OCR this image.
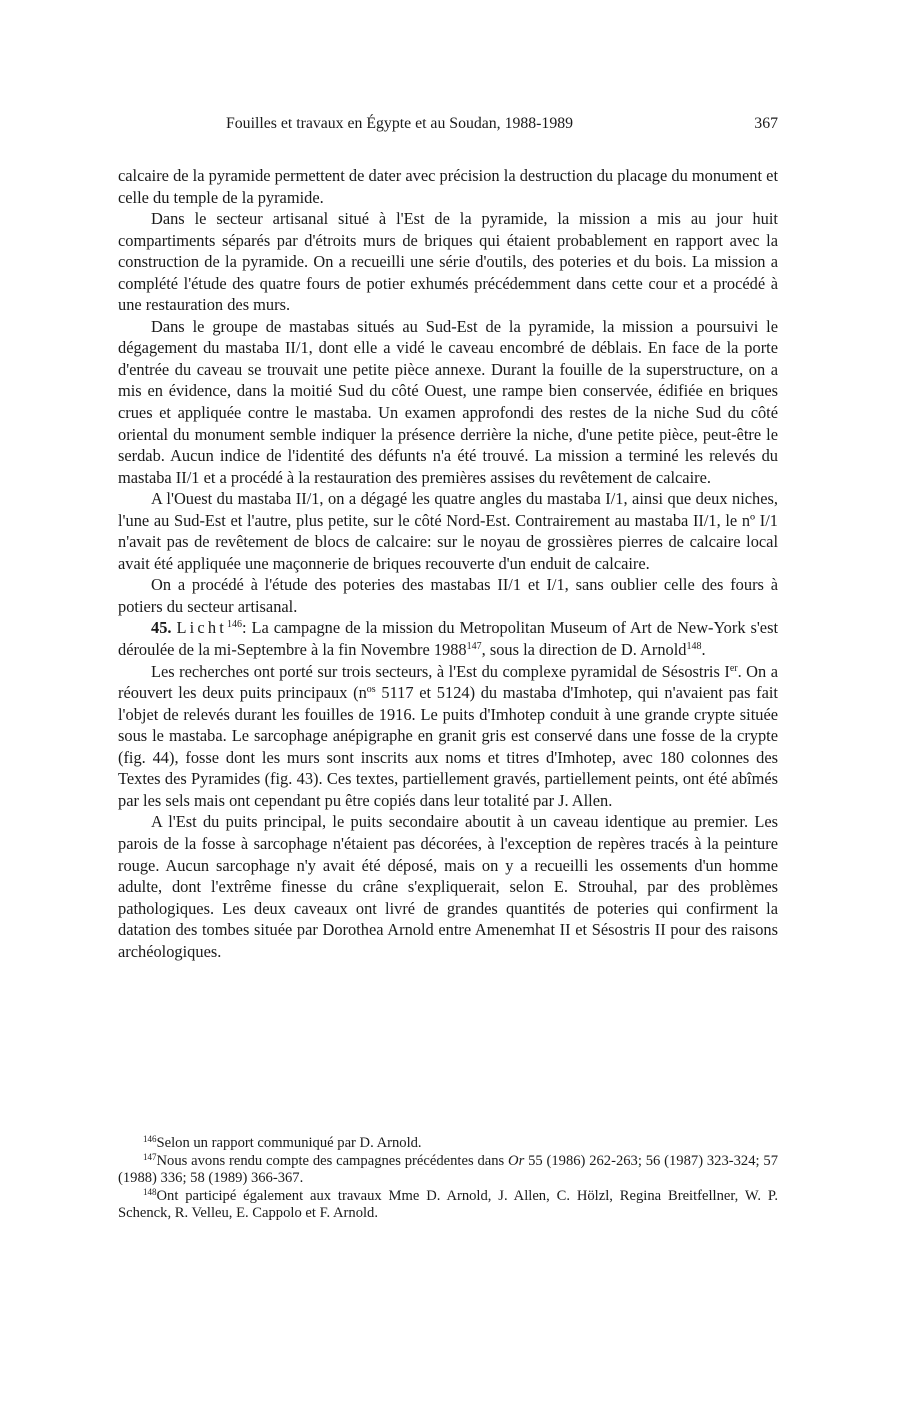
Fouilles et travaux en Égypte et au Soudan, 1988-1989	367

calcaire de la pyramide permettent de dater avec précision la destruction du placage du monument et celle du temple de la pyramide.

Dans le secteur artisanal situé à l'Est de la pyramide, la mission a mis au jour huit compartiments séparés par d'étroits murs de briques qui étaient probablement en rapport avec la construction de la pyramide. On a recueilli une série d'outils, des poteries et du bois. La mission a complété l'étude des quatre fours de potier exhumés précédemment dans cette cour et a procédé à une restauration des murs.

Dans le groupe de mastabas situés au Sud-Est de la pyramide, la mission a poursuivi le dégagement du mastaba II/1, dont elle a vidé le caveau encombré de déblais. En face de la porte d'entrée du caveau se trouvait une petite pièce annexe. Durant la fouille de la superstructure, on a mis en évidence, dans la moitié Sud du côté Ouest, une rampe bien conservée, édifiée en briques crues et appliquée contre le mastaba. Un examen approfondi des restes de la niche Sud du côté oriental du monument semble indiquer la présence derrière la niche, d'une petite pièce, peut-être le serdab. Aucun indice de l'identité des défunts n'a été trouvé. La mission a terminé les relevés du mastaba II/1 et a procédé à la restauration des premières assises du revêtement de calcaire.

A l'Ouest du mastaba II/1, on a dégagé les quatre angles du mastaba I/1, ainsi que deux niches, l'une au Sud-Est et l'autre, plus petite, sur le côté Nord-Est. Contrairement au mastaba II/1, le nº I/1 n'avait pas de revêtement de blocs de calcaire: sur le noyau de grossières pierres de calcaire local avait été appliquée une maçonnerie de briques recouverte d'un enduit de calcaire.

On a procédé à l'étude des poteries des mastabas II/1 et I/1, sans oublier celle des fours à potiers du secteur artisanal.

45. Licht$^{146}$: La campagne de la mission du Metropolitan Museum of Art de New-York s'est déroulée de la mi-Septembre à la fin Novembre 1988$^{147}$, sous la direction de D. Arnold$^{148}$.

Les recherches ont porté sur trois secteurs, à l'Est du complexe pyramidal de Sésostris Ier. On a réouvert les deux puits principaux ($n^{os}$ 5117 et 5124) du mastaba d'Imhotep, qui n'avaient pas fait l'objet de relevés durant les fouilles de 1916. Le puits d'Imhotep conduit à une grande crypte située sous le mastaba. Le sarcophage anépigraphe en granit gris est conservé dans une fosse de la crypte (fig. 44), fosse dont les murs sont inscrits aux noms et titres d'Imhotep, avec 180 colonnes des Textes des Pyramides (fig. 43). Ces textes, partiellement gravés, partiellement peints, ont été abîmés par les sels mais ont cependant pu être copiés dans leur totalité par J. Allen.

A l'Est du puits principal, le puits secondaire aboutit à un caveau identique au premier. Les parois de la fosse à sarcophage n'étaient pas décorées, à l'exception de repères tracés à la peinture rouge. Aucun sarcophage n'y avait été déposé, mais on y a recueilli les ossements d'un homme adulte, dont l'extrême finesse du crâne s'expliquerait, selon E. Strouhal, par des problèmes pathologiques. Les deux caveaux ont livré de grandes quantités de poteries qui confirment la datation des tombes située par Dorothea Arnold entre Amenemhat II et Sésostris II pour des raisons archéologiques.

$^{146}$Selon un rapport communiqué par D. Arnold.

$^{147}$Nous avons rendu compte des campagnes précédentes dans Or 55 (1986) 262-263; 56 (1987) 323-324; 57 (1988) 336; 58 (1989) 366-367.

$^{148}$Ont participé également aux travaux Mme D. Arnold, J. Allen, C. Hölzl, Regina Breitfellner, W. P. Schenck, R. Velleu, E. Cappolo et F. Arnold.
